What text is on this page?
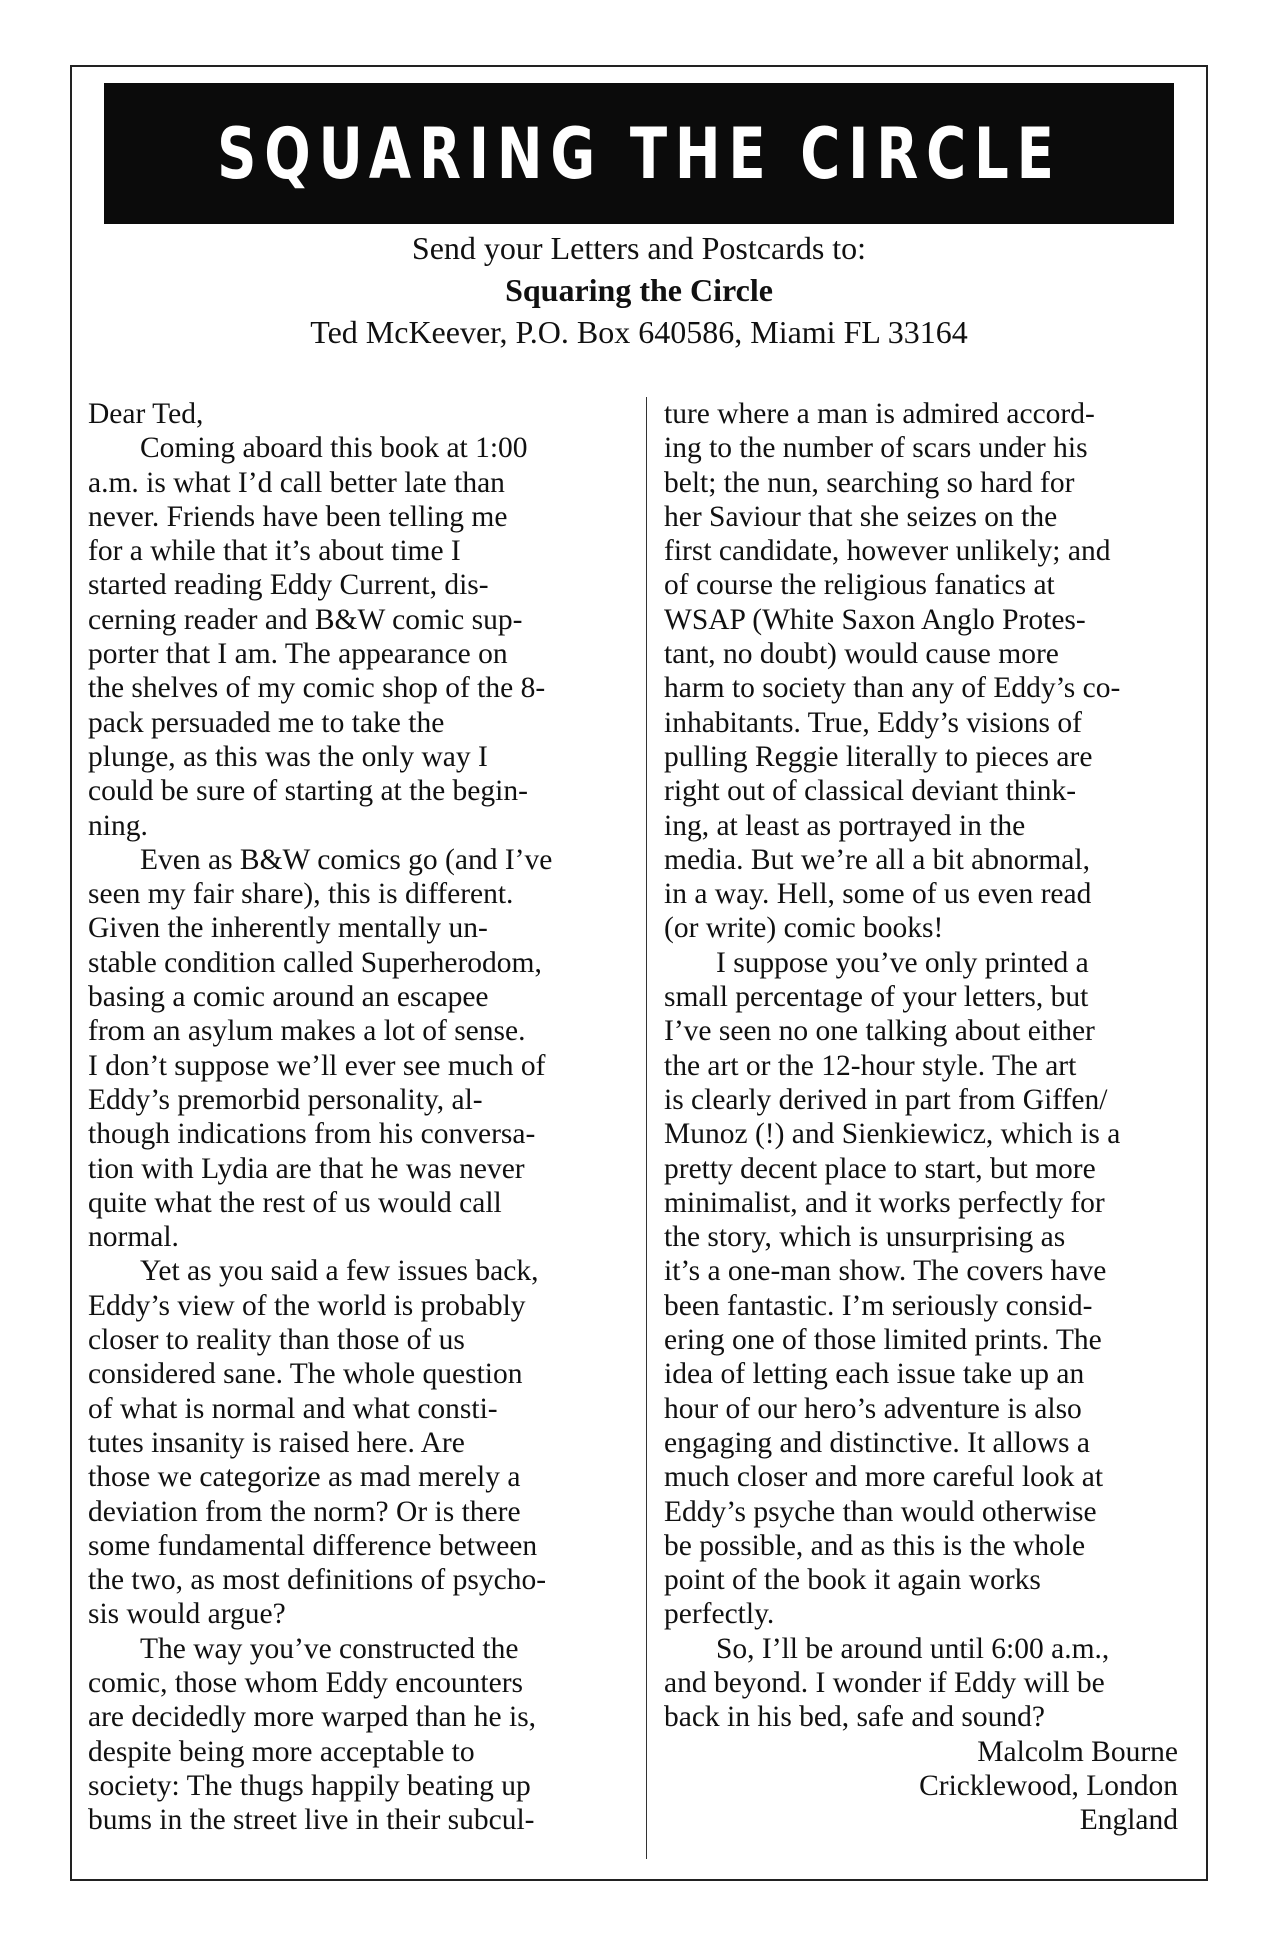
SQUARING THE CIRCLE
Send your Letters and Postcards to:
Squaring the Circle
Ted McKeever, P.O. Box 640586, Miami FL 33164
Dear Ted,
Coming aboard this book at 1:00
a.m. is what I’d call better late than
never. Friends have been telling me
for a while that it’s about time I
started reading Eddy Current, dis-
cerning reader and B&W comic sup-
porter that I am. The appearance on
the shelves of my comic shop of the 8-
pack persuaded me to take the
plunge, as this was the only way I
could be sure of starting at the begin-
ning.
Even as B&W comics go (and I’ve
seen my fair share), this is different.
Given the inherently mentally un-
stable condition called Superherodom,
basing a comic around an escapee
from an asylum makes a lot of sense.
I don’t suppose we’ll ever see much of
Eddy’s premorbid personality, al-
though indications from his conversa-
tion with Lydia are that he was never
quite what the rest of us would call
normal.
Yet as you said a few issues back,
Eddy’s view of the world is probably
closer to reality than those of us
considered sane. The whole question
of what is normal and what consti-
tutes insanity is raised here. Are
those we categorize as mad merely a
deviation from the norm? Or is there
some fundamental difference between
the two, as most definitions of psycho-
sis would argue?
The way you’ve constructed the
comic, those whom Eddy encounters
are decidedly more warped than he is,
despite being more acceptable to
society: The thugs happily beating up
bums in the street live in their subcul-
ture where a man is admired accord-
ing to the number of scars under his
belt; the nun, searching so hard for
her Saviour that she seizes on the
first candidate, however unlikely; and
of course the religious fanatics at
WSAP (White Saxon Anglo Protes-
tant, no doubt) would cause more
harm to society than any of Eddy’s co-
inhabitants. True, Eddy’s visions of
pulling Reggie literally to pieces are
right out of classical deviant think-
ing, at least as portrayed in the
media. But we’re all a bit abnormal,
in a way. Hell, some of us even read
(or write) comic books!
I suppose you’ve only printed a
small percentage of your letters, but
I’ve seen no one talking about either
the art or the 12-hour style. The art
is clearly derived in part from Giffen/
Munoz (!) and Sienkiewicz, which is a
pretty decent place to start, but more
minimalist, and it works perfectly for
the story, which is unsurprising as
it’s a one-man show. The covers have
been fantastic. I’m seriously consid-
ering one of those limited prints. The
idea of letting each issue take up an
hour of our hero’s adventure is also
engaging and distinctive. It allows a
much closer and more careful look at
Eddy’s psyche than would otherwise
be possible, and as this is the whole
point of the book it again works
perfectly.
So, I’ll be around until 6:00 a.m.,
and beyond. I wonder if Eddy will be
back in his bed, safe and sound?
Malcolm Bourne
Cricklewood, London
England
